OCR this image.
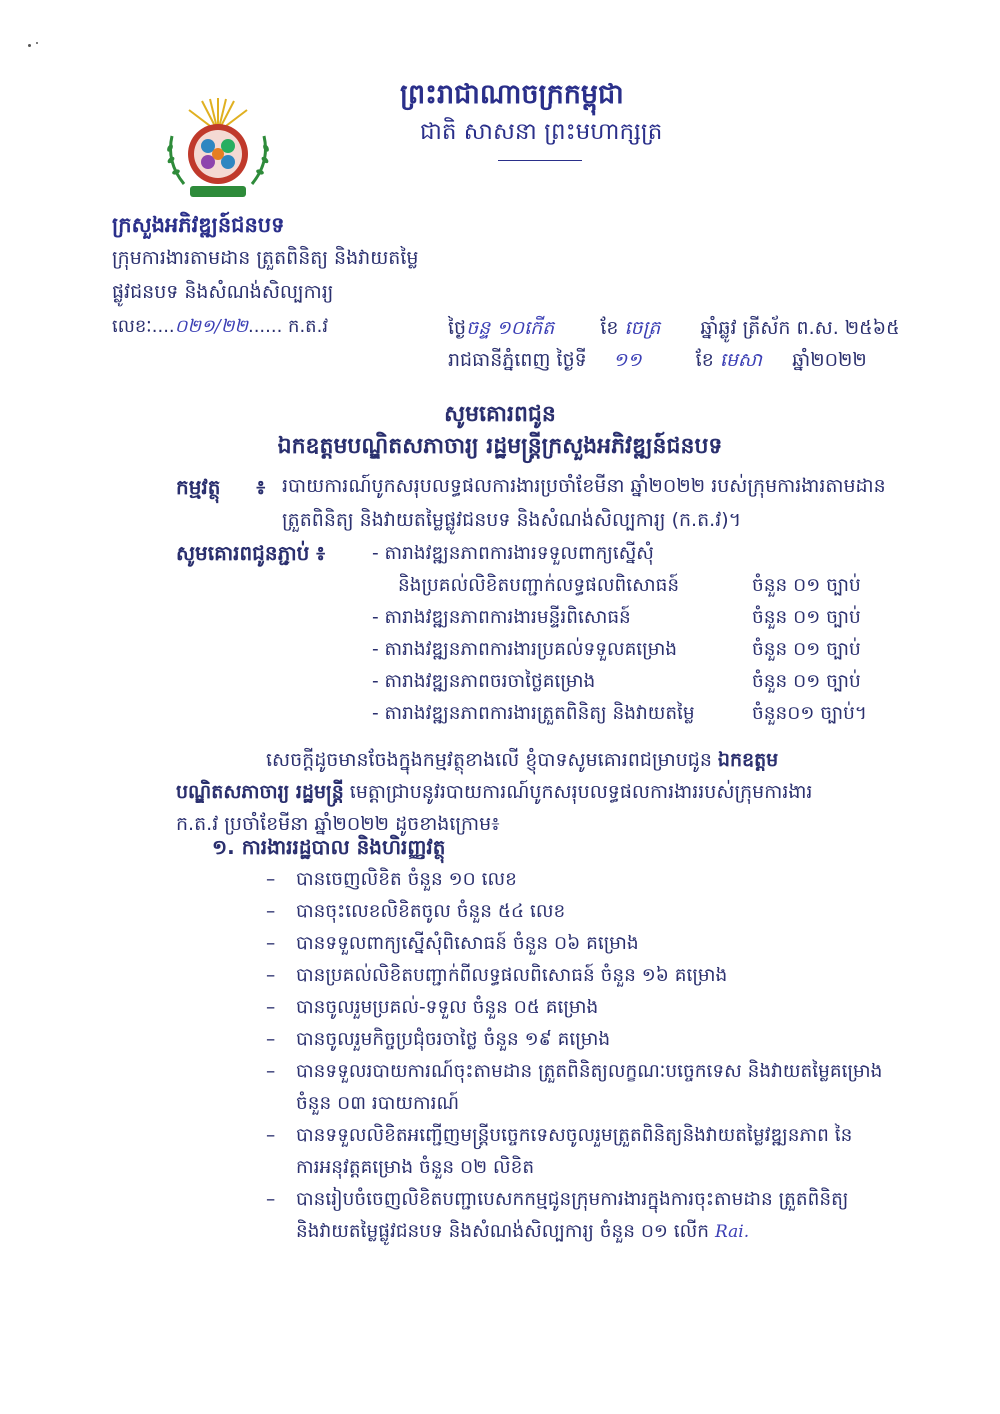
ព្រះរាជាណាចក្រកម្ពុជា
ជាតិ សាសនា ព្រះមហាក្សត្រ
ក្រសួងអភិវឌ្ឍន៍ជនបទ
ក្រុមការងារតាមដាន ត្រួតពិនិត្យ និងវាយតម្លៃ
ផ្លូវជនបទ និងសំណង់សិល្បការ្យ
លេខៈ....០២១/២២...... ក.ត.វ	ថ្ងៃចន្ទ ១០កើត ខែ ចេត្រ ឆ្នាំឆ្លូវ ត្រីស័ក ព.ស. ២៥៦៥
រាជធានីភ្នំពេញ ថ្ងៃទី ១១	ខែ មេសា ឆ្នាំ២០២២
សូមគោរពជូន
ឯកឧត្តមបណ្ឌិតសភាចារ្យ រដ្ឋមន្ត្រីក្រសួងអភិវឌ្ឍន៍ជនបទ
កម្មវត្ថុ ៖ របាយការណ៍បូកសរុបលទ្ធផលការងារប្រចាំខែមីនា ឆ្នាំ២០២២ របស់ក្រុមការងារតាមដាន
ត្រួតពិនិត្យ និងវាយតម្លៃផ្លូវជនបទ និងសំណង់សិល្បការ្យ (ក.ត.វ)។
សូមគោរពជូនភ្ជាប់ ៖	- តារាងវឌ្ឍនភាពការងារទទួលពាក្យស្នើសុំ
និងប្រគល់លិខិតបញ្ជាក់លទ្ធផលពិសោធន៍	ចំនួន ០១ ច្បាប់
- តារាងវឌ្ឍនភាពការងារមន្ទីរពិសោធន៍	ចំនួន ០១ ច្បាប់
- តារាងវឌ្ឍនភាពការងារប្រគល់ទទួលគម្រោង	ចំនួន ០១ ច្បាប់
- តារាងវឌ្ឍនភាពចរចាថ្លៃគម្រោង	ចំនួន ០១ ច្បាប់
- តារាងវឌ្ឍនភាពការងារត្រួតពិនិត្យ និងវាយតម្លៃ	ចំនួន០១ ច្បាប់។
សេចក្តីដូចមានចែងក្នុងកម្មវត្ថុខាងលើ ខ្ញុំបាទសូមគោរពជម្រាបជូន ឯកឧត្តម
បណ្ឌិតសភាចារ្យ រដ្ឋមន្ត្រី មេត្តាជ្រាបនូវរបាយការណ៍បូកសរុបលទ្ធផលការងាររបស់ក្រុមការងារ
ក.ត.វ ប្រចាំខែមីនា ឆ្នាំ២០២២ ដូចខាងក្រោម៖
១. ការងាររដ្ឋបាល និងហិរញ្ញវត្ថុ
– បានចេញលិខិត ចំនួន ១០ លេខ
– បានចុះលេខលិខិតចូល ចំនួន ៥៤ លេខ
– បានទទួលពាក្យស្នើសុំពិសោធន៍ ចំនួន ០៦ គម្រោង
– បានប្រគល់លិខិតបញ្ជាក់ពីលទ្ធផលពិសោធន៍ ចំនួន ១៦ គម្រោង
– បានចូលរួមប្រគល់-ទទួល ចំនួន ០៥ គម្រោង
– បានចូលរួមកិច្ចប្រជុំចរចាថ្លៃ ចំនួន ១៩ គម្រោង
– បានទទួលរបាយការណ៍ចុះតាមដាន ត្រួតពិនិត្យលក្ខណៈបច្ចេកទេស និងវាយតម្លៃគម្រោង
ចំនួន ០៣ របាយការណ៍
– បានទទួលលិខិតអញ្ជើញមន្ត្រីបច្ចេកទេសចូលរួមត្រួតពិនិត្យនិងវាយតម្លៃវឌ្ឍនភាព នៃ
ការអនុវត្តគម្រោង ចំនួន ០២ លិខិត
– បានរៀបចំចេញលិខិតបញ្ជាបេសកកម្មជូនក្រុមការងារក្នុងការចុះតាមដាន ត្រួតពិនិត្យ
និងវាយតម្លៃផ្លូវជនបទ និងសំណង់សិល្បការ្យ ចំនួន ០១ លើក Rai.
